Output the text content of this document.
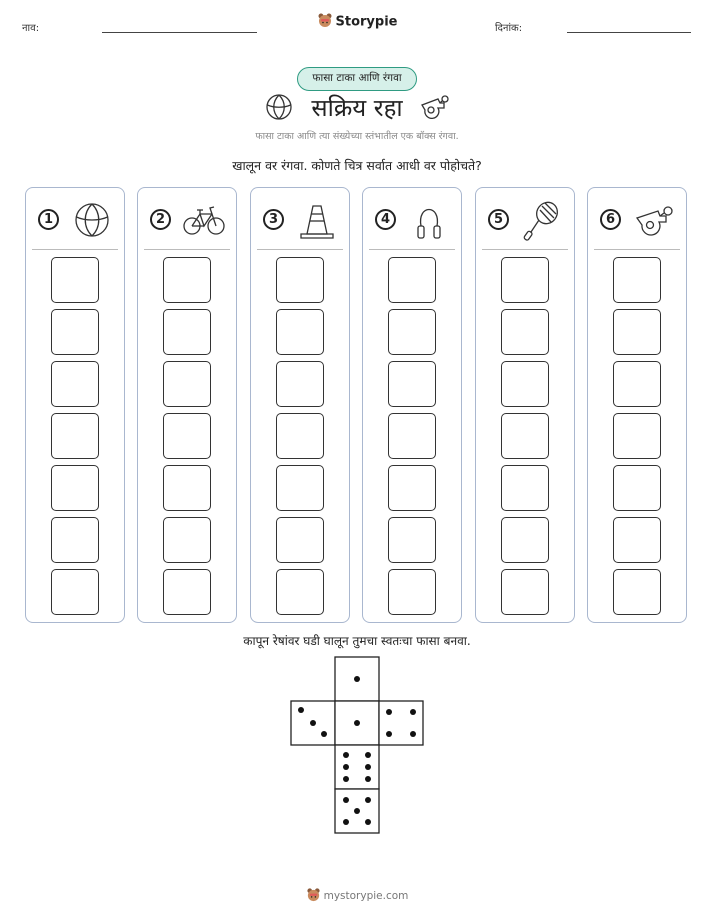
नाव:	Storypie	दिनांक:
फासा टाका आणि रंगवा
सक्रिय रहा
फासा टाका आणि त्या संख्येच्या स्तंभातील एक बॉक्स रंगवा.
खालून वर रंगवा. कोणते चित्र सर्वात आधी वर पोहोचते?
1	2	3	4	5	6
कापून रेषांवर घडी घालून तुमचा स्वतःचा फासा बनवा.
mystorypie.com
